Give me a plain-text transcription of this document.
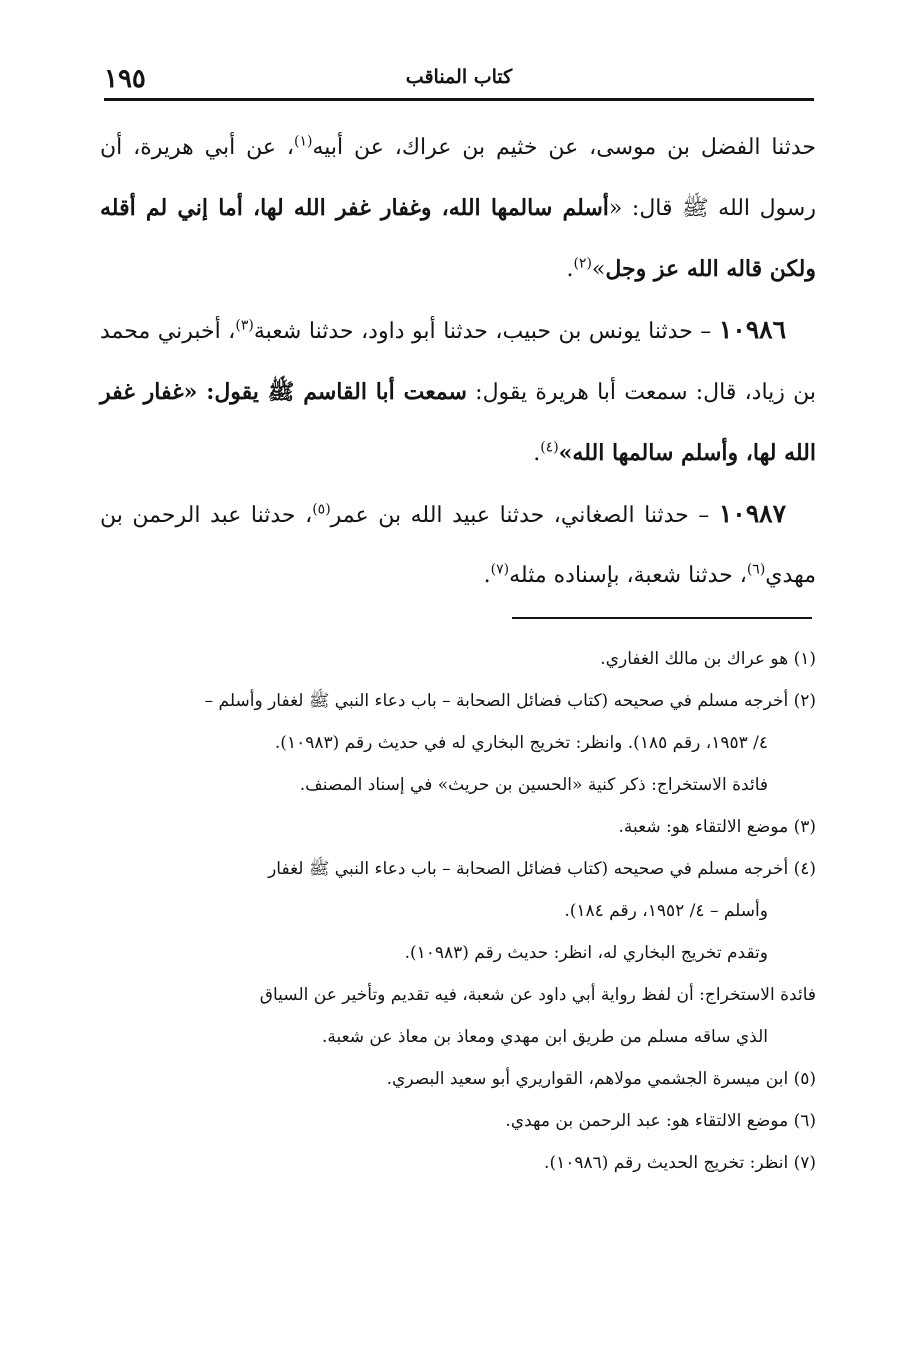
١٩٥	كتاب المناقب

حدثنا الفضل بن موسى، عن خثيم بن عراك، عن أبيه$^{(١)}$، عن أبي هريرة، أن رسول الله ﷺ قال: «أسلم سالمها الله، وغفار غفر الله لها، أما إني لم أقله ولكن قاله الله عز وجل»$^{(٢)}$.

١٠٩٨٦ – حدثنا يونس بن حبيب، حدثنا أبو داود، حدثنا شعبة$^{(٣)}$، أخبرني محمد بن زياد، قال: سمعت أبا هريرة يقول: سمعت أبا القاسم ﷺ يقول: «غفار غفر الله لها، وأسلم سالمها الله»$^{(٤)}$.

١٠٩٨٧ – حدثنا الصغاني، حدثنا عبيد الله بن عمر$^{(٥)}$، حدثنا عبد الرحمن بن مهدي$^{(٦)}$، حدثنا شعبة، بإسناده مثله$^{(٧)}$.

(١) هو عراك بن مالك الغفاري.

(٢) أخرجه مسلم في صحيحه (كتاب فضائل الصحابة – باب دعاء النبي ﷺ لغفار وأسلم –

٤/ ١٩٥٣، رقم ١٨٥). وانظر: تخريج البخاري له في حديث رقم (١٠٩٨٣).

فائدة الاستخراج: ذكر كنية «الحسين بن حريث» في إسناد المصنف.

(٣) موضع الالتقاء هو: شعبة.

(٤) أخرجه مسلم في صحيحه (كتاب فضائل الصحابة – باب دعاء النبي ﷺ لغفار

وأسلم – ٤/ ١٩٥٢، رقم ١٨٤).

وتقدم تخريج البخاري له، انظر: حديث رقم (١٠٩٨٣).

فائدة الاستخراج: أن لفظ رواية أبي داود عن شعبة، فيه تقديم وتأخير عن السياق

الذي ساقه مسلم من طريق ابن مهدي ومعاذ بن معاذ عن شعبة.

(٥) ابن ميسرة الجشمي مولاهم، القواريري أبو سعيد البصري.

(٦) موضع الالتقاء هو: عبد الرحمن بن مهدي.

(٧) انظر: تخريج الحديث رقم (١٠٩٨٦).
